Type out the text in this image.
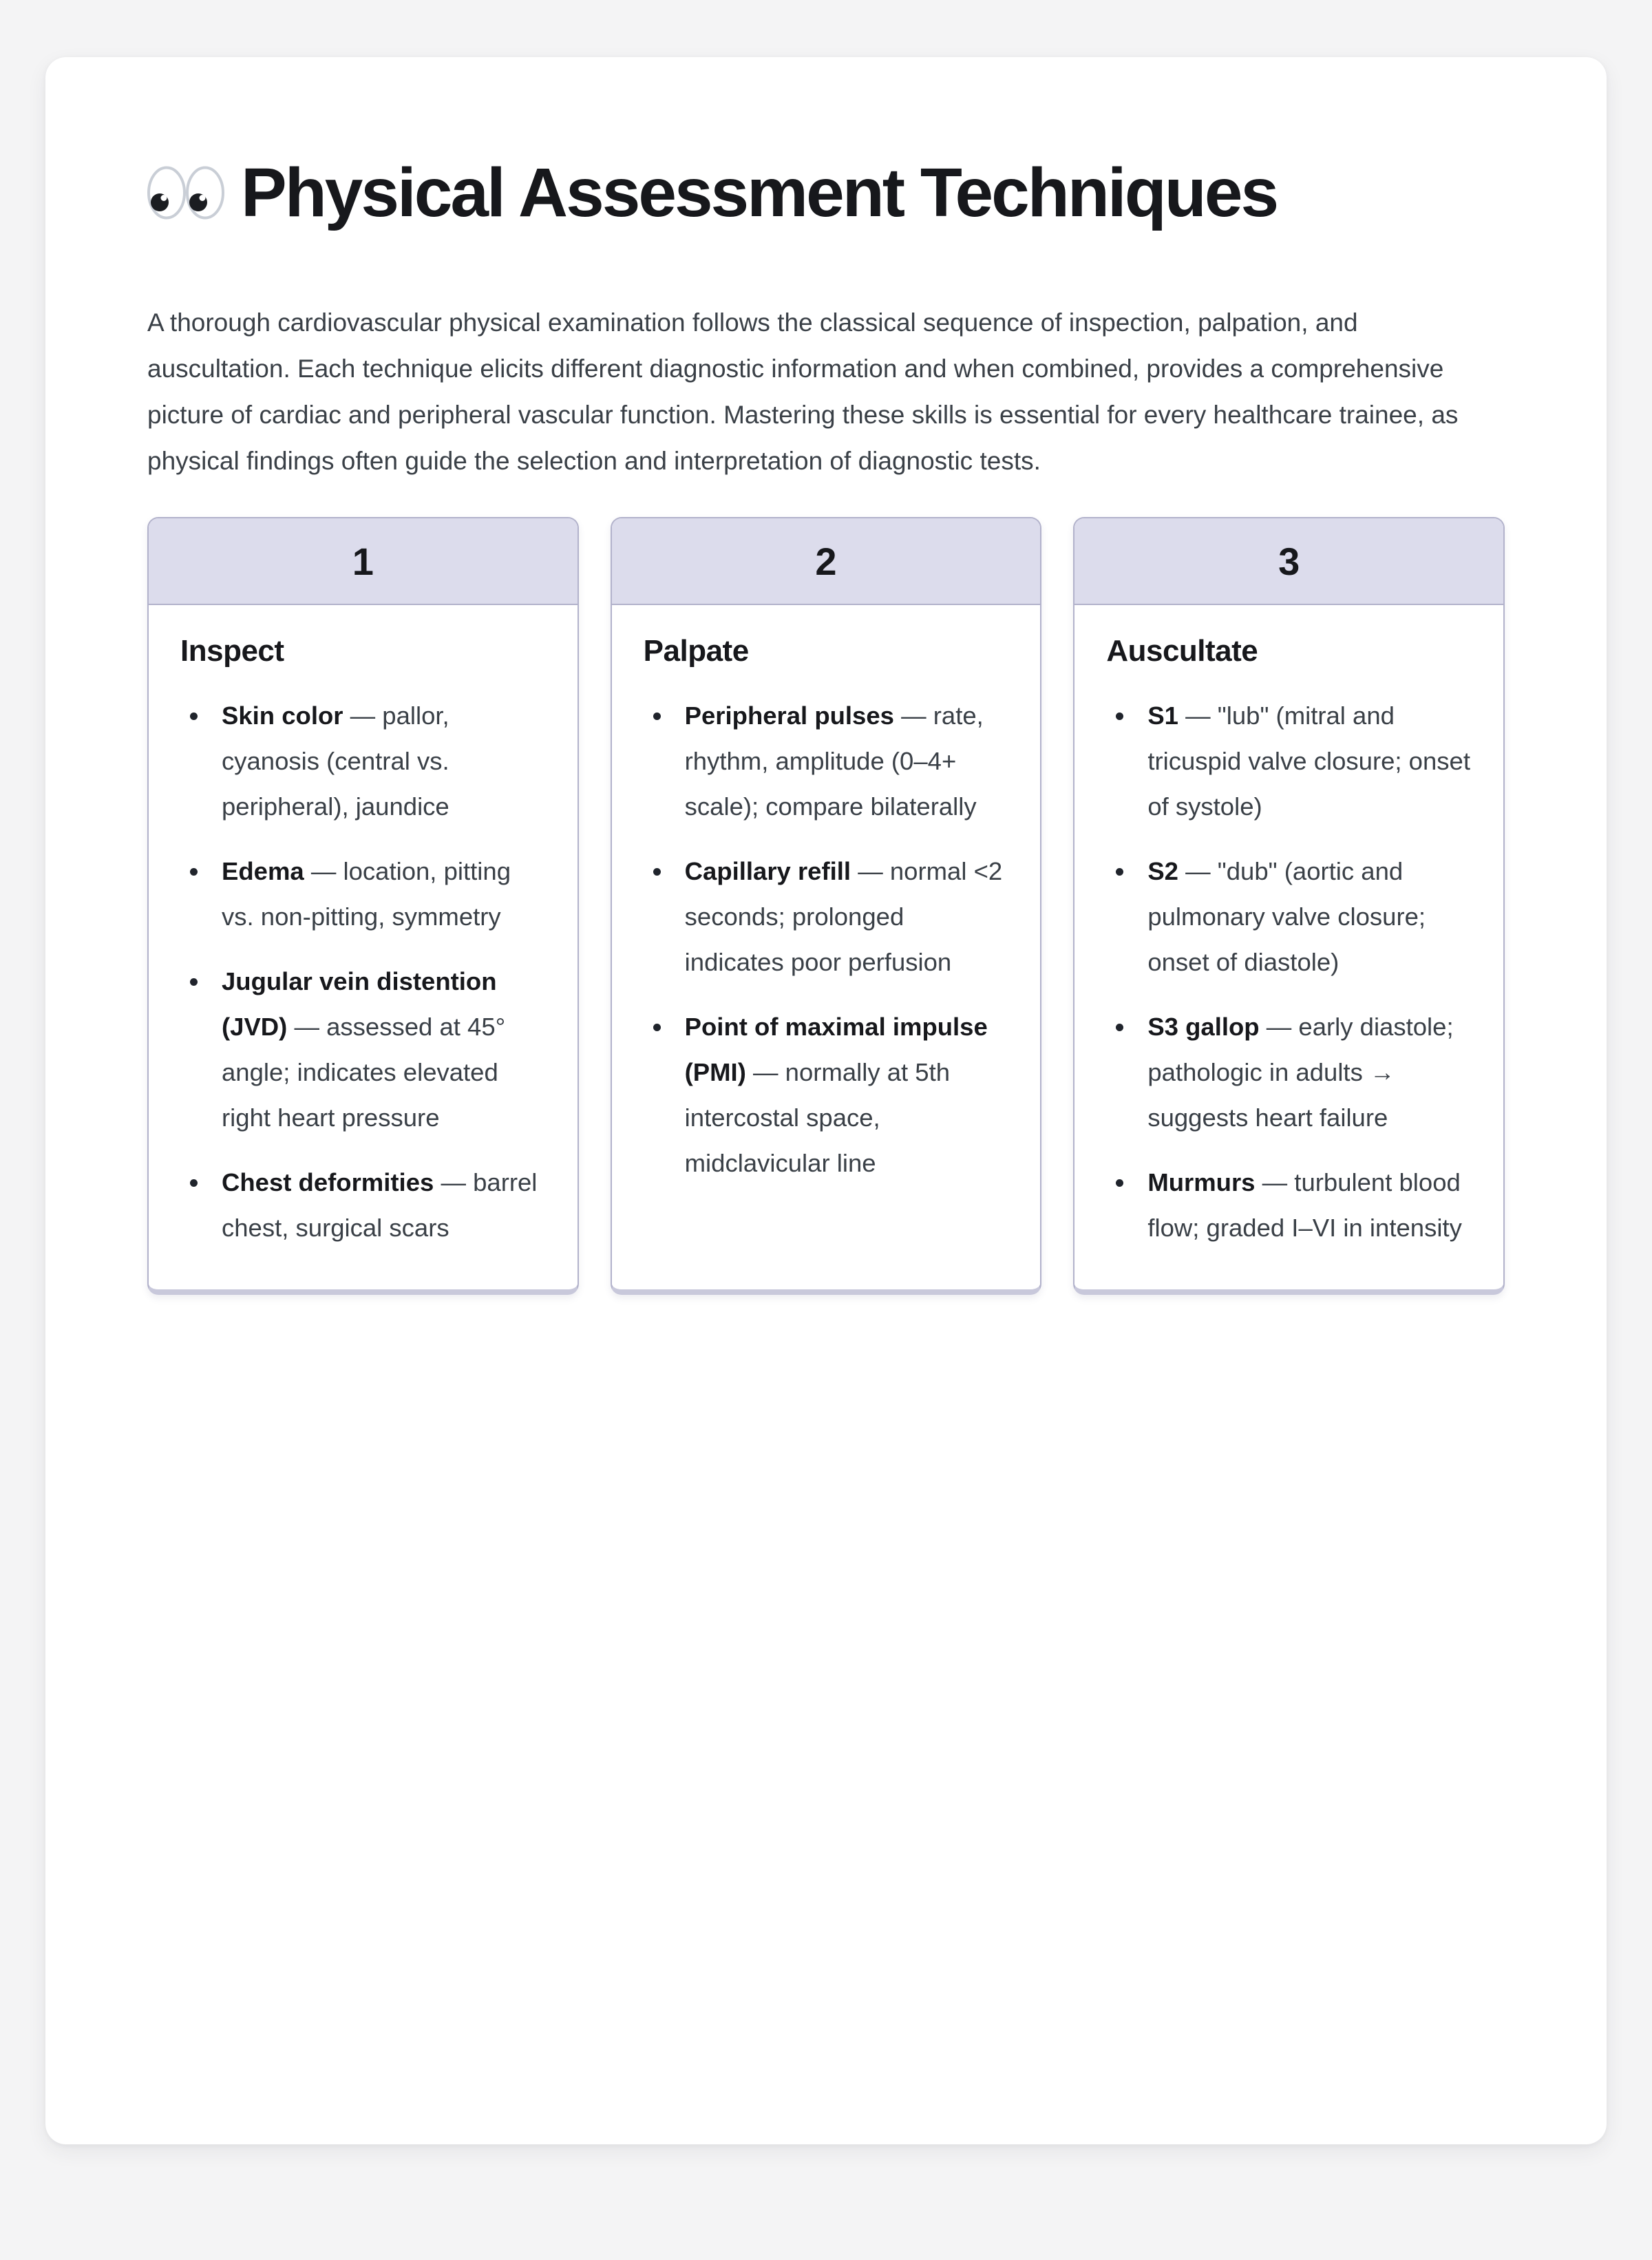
Physical Assessment Techniques

A thorough cardiovascular physical examination follows the classical sequence of inspection, palpation, and auscultation. Each technique elicits different diagnostic information and when combined, provides a comprehensive picture of cardiac and peripheral vascular function. Mastering these skills is essential for every healthcare trainee, as physical findings often guide the selection and interpretation of diagnostic tests.

1
Inspect
Skin color — pallor, cyanosis (central vs. peripheral), jaundice
Edema — location, pitting vs. non-pitting, symmetry
Jugular vein distention (JVD) — assessed at 45° angle; indicates elevated right heart pressure
Chest deformities — barrel chest, surgical scars
2
Palpate
Peripheral pulses — rate, rhythm, amplitude (0–4+ scale); compare bilaterally
Capillary refill — normal <2 seconds; prolonged indicates poor perfusion
Point of maximal impulse (PMI) — normally at 5th intercostal space, midclavicular line
3
Auscultate
S1 — "lub" (mitral and tricuspid valve closure; onset of systole)
S2 — "dub" (aortic and pulmonary valve closure; onset of diastole)
S3 gallop — early diastole; pathologic in adults → suggests heart failure
Murmurs — turbulent blood flow; graded I–VI in intensity
